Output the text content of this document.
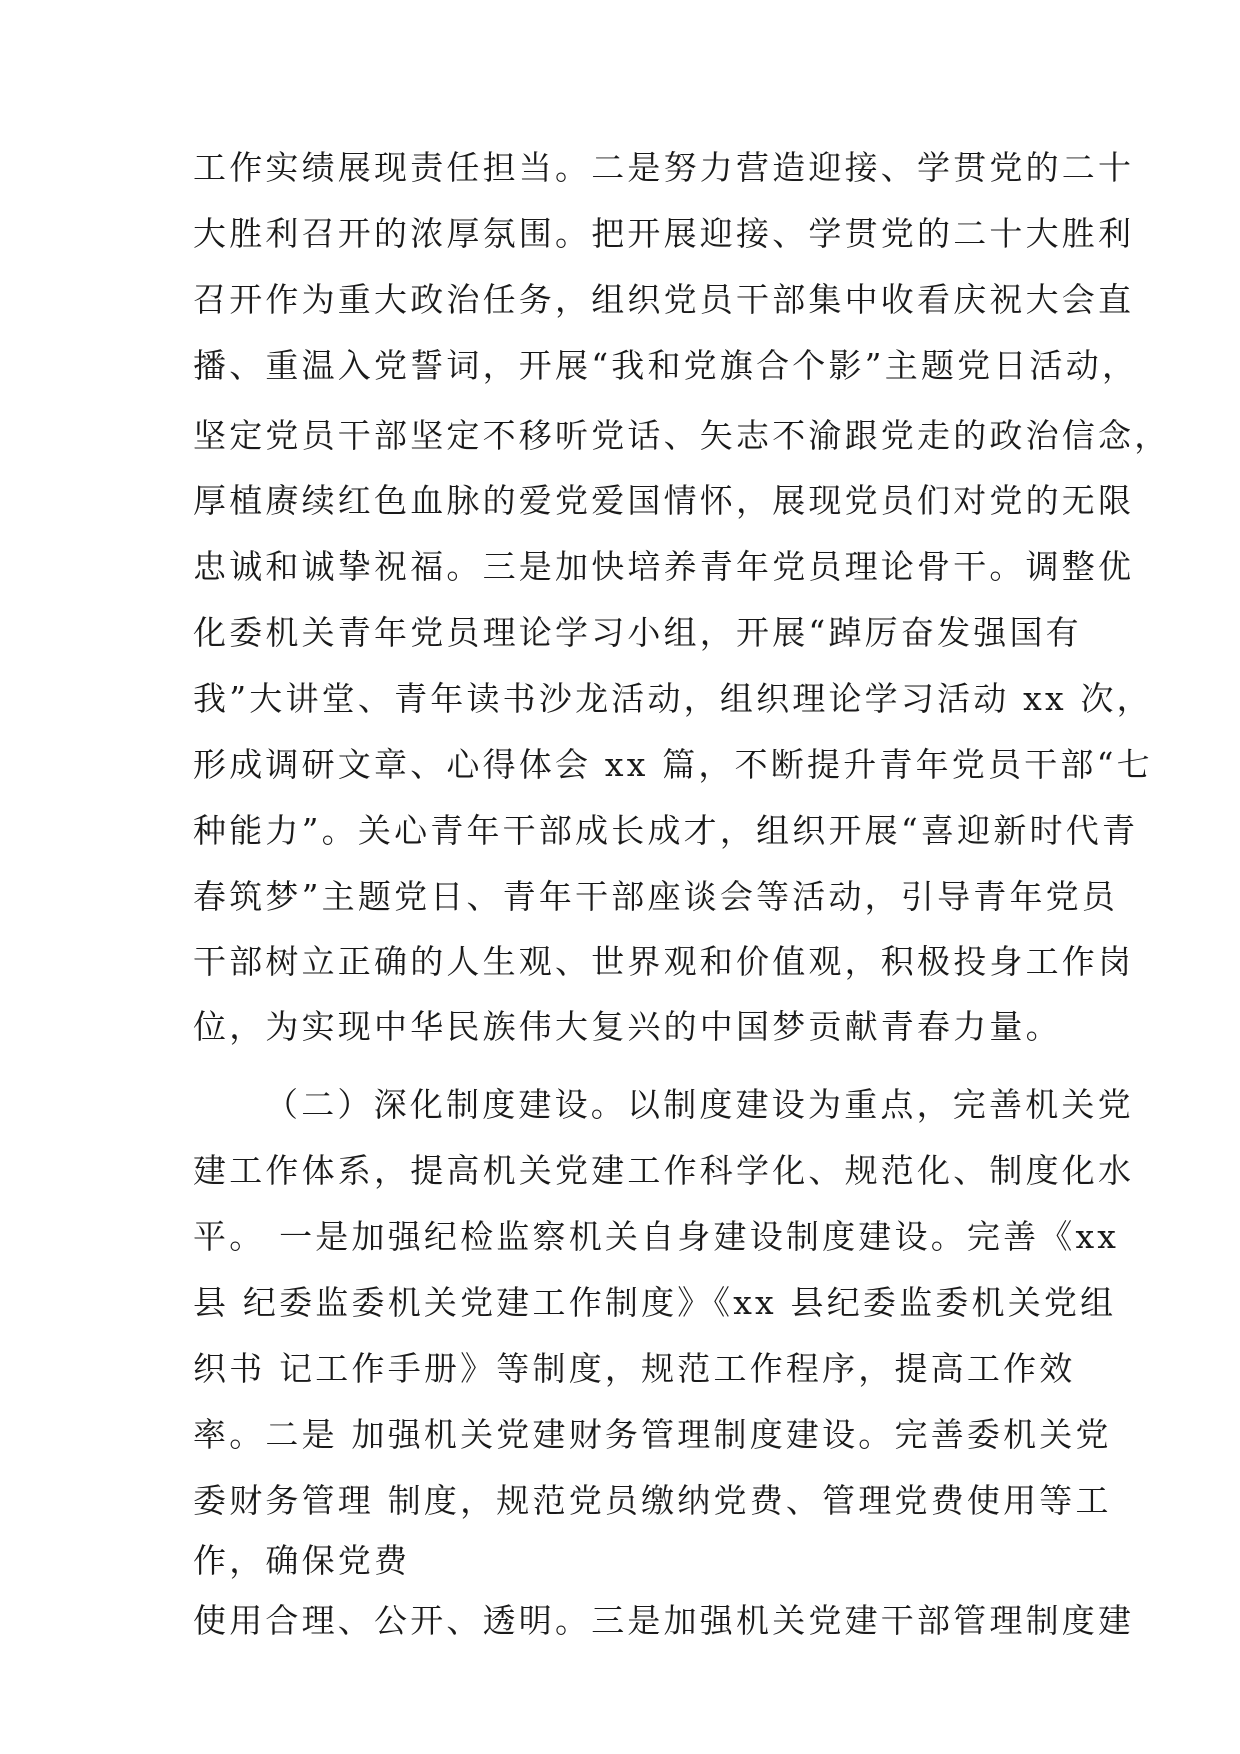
工作实绩展现责任担当。二是努力营造迎接、学贯党的二十
大胜利召开的浓厚氛围。把开展迎接、学贯党的二十大胜利
召开作为重大政治任务，组织党员干部集中收看庆祝大会直
播、重温入党誓词，开展“我和党旗合个影”主题党日活动，
坚定党员干部坚定不移听党话、矢志不渝跟党走的政治信念，
厚植赓续红色血脉的爱党爱国情怀，展现党员们对党的无限
忠诚和诚挚祝福。三是加快培养青年党员理论骨干。调整优
化委机关青年党员理论学习小组，开展“踔厉奋发强国有
我”大讲堂、青年读书沙龙活动，组织理论学习活动 xx 次，
形成调研文章、心得体会 xx 篇，不断提升青年党员干部“七
种能力”。关心青年干部成长成才，组织开展“喜迎新时代青
春筑梦”主题党日、青年干部座谈会等活动，引导青年党员
干部树立正确的人生观、世界观和价值观，积极投身工作岗
位，为实现中华民族伟大复兴的中国梦贡献青春力量。
（二）深化制度建设。以制度建设为重点，完善机关党
建工作体系，提高机关党建工作科学化、规范化、制度化水
平。 一是加强纪检监察机关自身建设制度建设。完善《xx
县 纪委监委机关党建工作制度》《xx 县纪委监委机关党组
织书 记工作手册》等制度，规范工作程序，提高工作效
率。二是 加强机关党建财务管理制度建设。完善委机关党
委财务管理 制度，规范党员缴纳党费、管理党费使用等工
作，确保党费
使用合理、公开、透明。三是加强机关党建干部管理制度建
